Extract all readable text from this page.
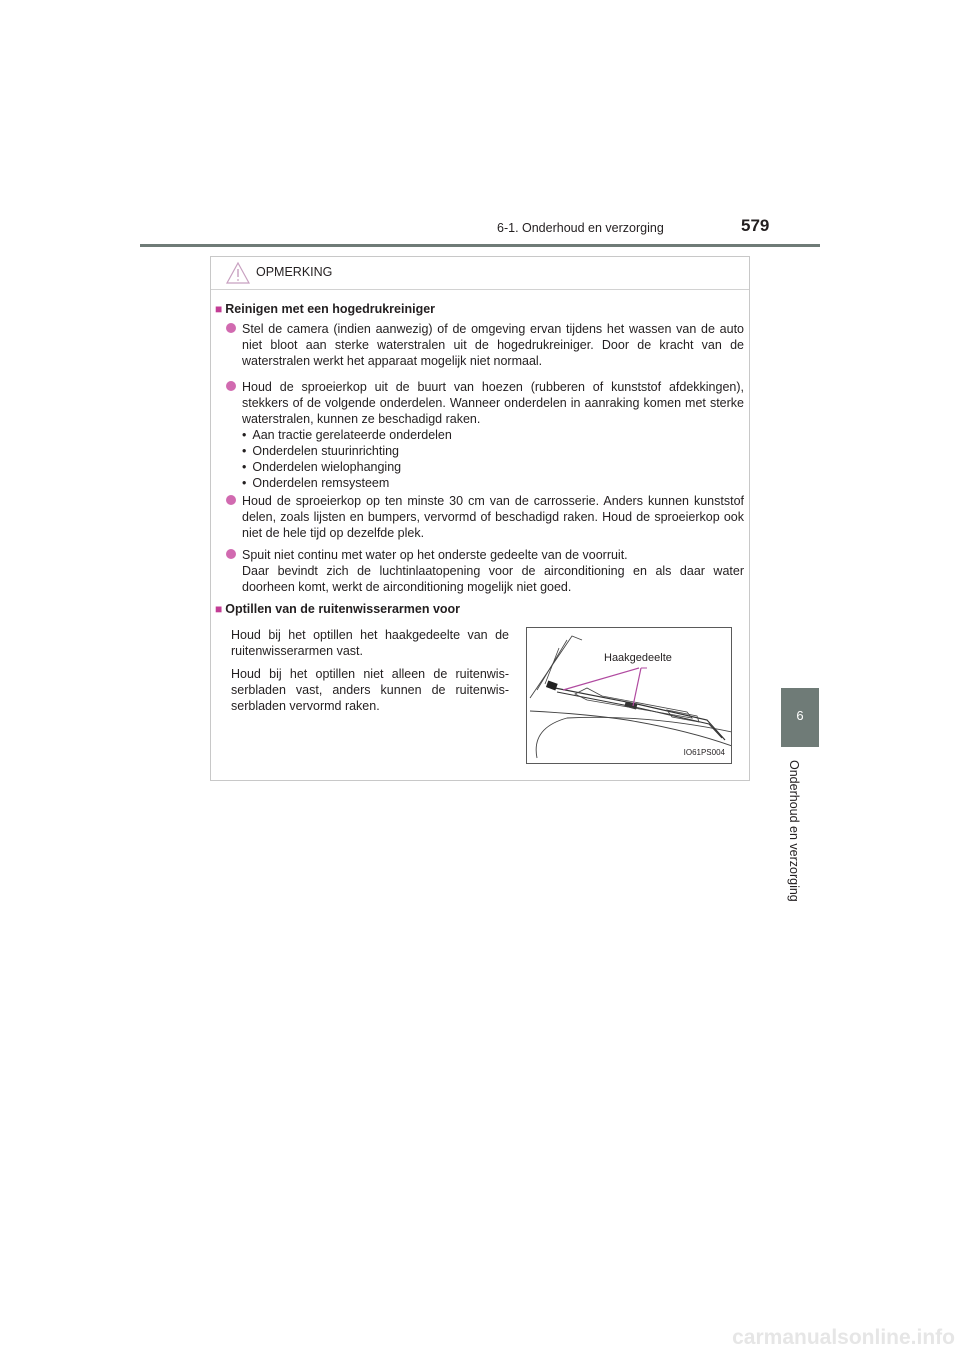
6-1. Onderhoud en verzorging	579
6
Onderhoud en verzorging
OPMERKING
■ Reinigen met een hogedrukreiniger
Stel de camera (indien aanwezig) of de omgeving ervan tijdens het wassen van de auto niet bloot aan sterke waterstralen uit de hogedrukreiniger. Door de kracht van de waterstralen werkt het apparaat mogelijk niet normaal.
Houd de sproeierkop uit de buurt van hoezen (rubberen of kunststof afdekkingen), stekkers of de volgende onderdelen. Wanneer onderdelen in aanraking komen met sterke waterstralen, kunnen ze beschadigd raken.
• Aan tractie gerelateerde onderdelen
• Onderdelen stuurinrichting
• Onderdelen wielophanging
• Onderdelen remsysteem
Houd de sproeierkop op ten minste 30 cm van de carrosserie. Anders kunnen kunststof delen, zoals lijsten en bumpers, vervormd of beschadigd raken. Houd de sproeierkop ook niet de hele tijd op dezelfde plek.

Spuit niet continu met water op het onderste gedeelte van de voorruit.

Daar bevindt zich de luchtinlaatopening voor de airconditioning en als daar water doorheen komt, werkt de airconditioning mogelijk niet goed.

■ Optillen van de ruitenwisserarmen voor

Houd bij het optillen het haakgedeelte van de ruitenwisserarmen vast.

Houd bij het optillen niet alleen de ruitenwis-serbladen vast, anders kunnen de ruitenwis-serbladen vervormd raken.

Haakgedeelte
IO61PS004
carmanualsonline.info
